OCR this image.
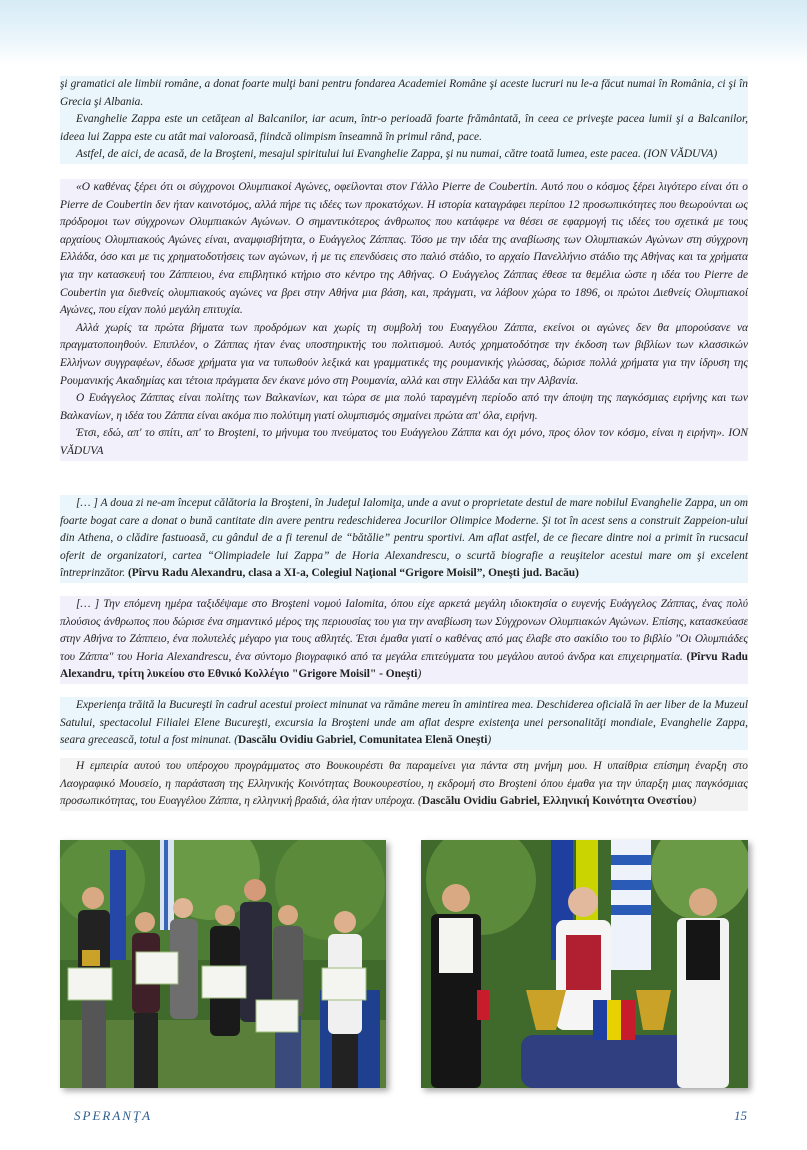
şi gramatici ale limbii române, a donat foarte mulţi bani pentru fondarea Academiei Române şi aceste lucruri nu le-a făcut numai în România, ci şi în Grecia şi Albania.

Evanghelie Zappa este un cetăţean al Balcanilor, iar acum, într-o perioadă foarte frământată, în ceea ce priveşte pacea lumii şi a Balcanilor, ideea lui Zappa este cu atât mai valoroasă, fiindcă olimpism înseamnă în primul rând, pace.

Astfel, de aici, de acasă, de la Broşteni, mesajul spiritului lui Evanghelie Zappa, şi nu numai, către toată lumea, este pacea. (ION VĂDUVA)

«Ο καθένας ξέρει ότι οι σύγχρονοι Ολυμπιακοί Αγώνες, οφείλονται στον Γάλλο Pierre de Coubertin. Αυτό που ο κόσμος ξέρει λιγότερο είναι ότι ο Pierre de Coubertin δεν ήταν καινοτόμος, αλλά πήρε τις ιδέες των προκατόχων. Η ιστορία καταγράφει περίπου 12 προσωπικότητες που θεωρούνται ως πρόδρομοι των σύγχρονων Ολυμπιακών Αγώνων. Ο σημαντικότερος άνθρωπος που κατάφερε να θέσει σε εφαρμογή τις ιδέες του σχετικά με τους αρχαίους Ολυμπιακούς Αγώνες είναι, αναμφισβήτητα, ο Ευάγγελος Ζάππας. Τόσο με την ιδέα της αναβίωσης των Ολυμπιακών Αγώνων στη σύγχρονη Ελλάδα, όσο και με τις χρηματοδοτήσεις των αγώνων, ή με τις επενδύσεις στο παλιό στάδιο, το αρχαίο Πανελλήνιο στάδιο της Αθήνας και τα χρήματα για την κατασκευή του Ζάππειου, ένα επιβλητικό κτήριο στο κέντρο της Αθήνας. Ο Ευάγγελος Ζάππας έθεσε τα θεμέλια ώστε η ιδέα του Pierre de Coubertin για διεθνείς ολυμπιακούς αγώνες να βρει στην Αθήνα μια βάση, και, πράγματι, να λάβουν χώρα το 1896, οι πρώτοι Διεθνείς Ολυμπιακοί Αγώνες, που είχαν πολύ μεγάλη επιτυχία.

Αλλά χωρίς τα πρώτα βήματα των προδρόμων και χωρίς τη συμβολή του Ευαγγέλου Ζάππα, εκείνοι οι αγώνες δεν θα μπορούσανε να πραγματοποιηθούν. Επιπλέον, ο Ζάππας ήταν ένας υποστηρικτής του πολιτισμού. Αυτός χρηματοδότησε την έκδοση των βιβλίων των κλασσικών Ελλήνων συγγραφέων, έδωσε χρήματα για να τυπωθούν λεξικά και γραμματικές της ρουμανικής γλώσσας, δώρισε πολλά χρήματα για την ίδρυση της Ρουμανικής Ακαδημίας και τέτοια πράγματα δεν έκανε μόνο στη Ρουμανία, αλλά και στην Ελλάδα και την Αλβανία.

Ο Ευάγγελος Ζάππας είναι πολίτης των Βαλκανίων, και τώρα σε μια πολύ ταραγμένη περίοδο από την άποψη της παγκόσμιας ειρήνης και των Βαλκανίων, η ιδέα του Ζάππα είναι ακόμα πιο πολύτιμη γιατί ολυμπισμός σημαίνει πρώτα απ' όλα, ειρήνη.

Έτσι, εδώ, απ' το σπίτι, απ' το Broşteni, το μήνυμα του πνεύματος του Ευάγγελου Ζάππα και όχι μόνο, προς όλον τον κόσμο, είναι η ειρήνη». ION VĂDUVA

[… ] A doua zi ne-am început călătoria la Broşteni, în Judeţul Ialomiţa, unde a avut o proprietate destul de mare nobilul Evanghelie Zappa, un om foarte bogat care a donat o bună cantitate din avere pentru redeschiderea Jocurilor Olimpice Moderne. Şi tot în acest sens a construit Zappeion-ului din Athena, o clădire fastuoasă, cu gândul de a fi terenul de “bătălie” pentru sportivi. Am aflat astfel, de ce fiecare dintre noi a primit în rucsacul oferit de organizatori, cartea “Olimpiadele lui Zappa” de Horia Alexandrescu, o scurtă biografie a reuşitelor acestui mare om şi excelent întreprinzător. (Pîrvu Radu Alexandru, clasa a XI-a, Colegiul Naţional “Grigore Moisil”, Oneşti jud. Bacău)

[… ] Την επόμενη ημέρα ταξιδέψαμε στο Broşteni νομού Ialomita, όπου είχε αρκετά μεγάλη ιδιοκτησία ο ευγενής Ευάγγελος Ζάππας, ένας πολύ πλούσιος άνθρωπος που δώρισε ένα σημαντικό μέρος της περιουσίας του για την αναβίωση των Σύγχρονων Ολυμπιακών Αγώνων. Επίσης, κατασκεύασε στην Αθήνα το Ζάππειο, ένα πολυτελές μέγαρο για τους αθλητές. Έτσι έμαθα γιατί ο καθένας από μας έλαβε στο σακίδιο του το βιβλίο "Οι Ολυμπιάδες του Ζάππα" του Horia Alexandrescu, ένα σύντομο βιογραφικό από τα μεγάλα επιτεύγματα του μεγάλου αυτού άνδρα και επιχειρηματία. (Pîrvu Radu Alexandru, τρίτη λυκείου στο Εθνικό Κολλέγιο "Grigore Moisil" - Onești)

Experienţa trăită la Bucureşti în cadrul acestui proiect minunat va rămâne mereu în amintirea mea. Deschiderea oficială în aer liber de la Muzeul Satului, spectacolul Filialei Elene Bucureşti, excursia la Broşteni unde am aflat despre existenţa unei personalităţi mondiale, Evanghelie Zappa, seara grecească, totul a fost minunat. (Dascălu Ovidiu Gabriel, Comunitatea Elenă Oneşti)

Η εμπειρία αυτού του υπέροχου προγράμματος στο Βουκουρέστι θα παραμείνει για πάντα στη μνήμη μου. Η υπαίθρια επίσημη έναρξη στο Λαογραφικό Μουσείο, η παράσταση της Ελληνικής Κοινότητας Βουκουρεστίου, η εκδρομή στο Broşteni όπου έμαθα για την ύπαρξη μιας παγκόσμιας προσωπικότητας, του Ευαγγέλου Ζάππα, η ελληνική βραδιά, όλα ήταν υπέροχα. (Dascălu Ovidiu Gabriel, Ελληνική Κοινότητα Ονεστίου)

SPERANŢA	15
